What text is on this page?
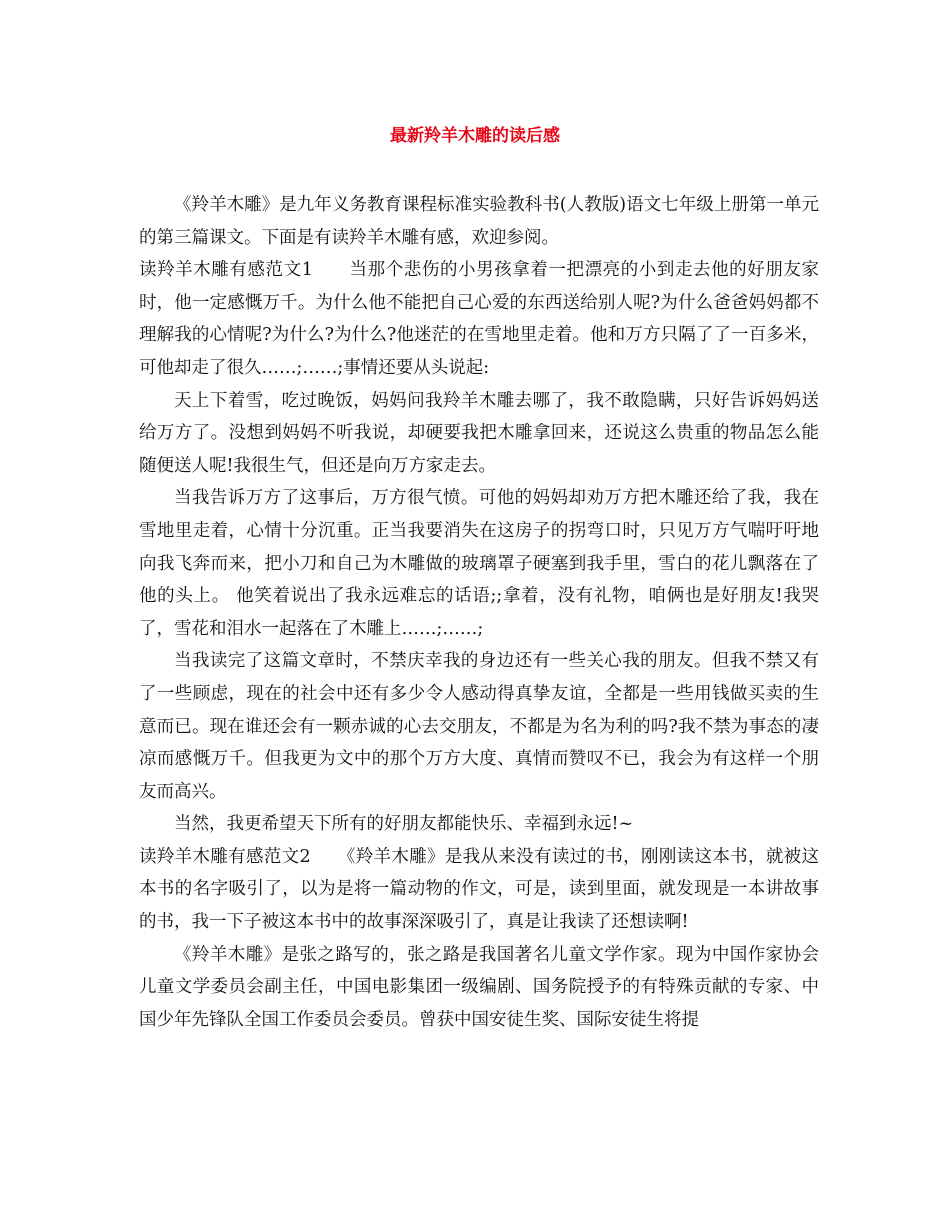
最新羚羊木雕的读后感

《羚羊木雕》是九年义务教育课程标准实验教科书(人教版)语文七年级上册第一单元的第三篇课文。下面是有读羚羊木雕有感，欢迎参阅。

读羚羊木雕有感范文1　　当那个悲伤的小男孩拿着一把漂亮的小到走去他的好朋友家时，他一定感慨万千。为什么他不能把自己心爱的东西送给别人呢?为什么爸爸妈妈都不理解我的心情呢?为什么?为什么?他迷茫的在雪地里走着。他和万方只隔了了一百多米，可他却走了很久……;……;事情还要从头说起:

天上下着雪，吃过晚饭，妈妈问我羚羊木雕去哪了，我不敢隐瞒，只好告诉妈妈送给万方了。没想到妈妈不听我说，却硬要我把木雕拿回来，还说这么贵重的物品怎么能随便送人呢!我很生气，但还是向万方家走去。

当我告诉万方了这事后，万方很气愤。可他的妈妈却劝万方把木雕还给了我，我在雪地里走着，心情十分沉重。正当我要消失在这房子的拐弯口时，只见万方气喘吁吁地向我飞奔而来，把小刀和自己为木雕做的玻璃罩子硬塞到我手里，雪白的花儿飘落在了他的头上。 他笑着说出了我永远难忘的话语;;拿着，没有礼物，咱俩也是好朋友!我哭了，雪花和泪水一起落在了木雕上……;……;

当我读完了这篇文章时，不禁庆幸我的身边还有一些关心我的朋友。但我不禁又有了一些顾虑，现在的社会中还有多少令人感动得真挚友谊，全都是一些用钱做买卖的生意而已。现在谁还会有一颗赤诚的心去交朋友，不都是为名为利的吗?我不禁为事态的凄凉而感慨万千。但我更为文中的那个万方大度、真情而赞叹不已，我会为有这样一个朋友而高兴。

当然，我更希望天下所有的好朋友都能快乐、幸福到永远!~

读羚羊木雕有感范文2　　《羚羊木雕》是我从来没有读过的书，刚刚读这本书，就被这本书的名字吸引了，以为是将一篇动物的作文，可是，读到里面，就发现是一本讲故事的书，我一下子被这本书中的故事深深吸引了，真是让我读了还想读啊!

《羚羊木雕》是张之路写的，张之路是我国著名儿童文学作家。现为中国作家协会儿童文学委员会副主任，中国电影集团一级编剧、国务院授予的有特殊贡献的专家、中国少年先锋队全国工作委员会委员。曾获中国安徒生奖、国际安徒生将提
